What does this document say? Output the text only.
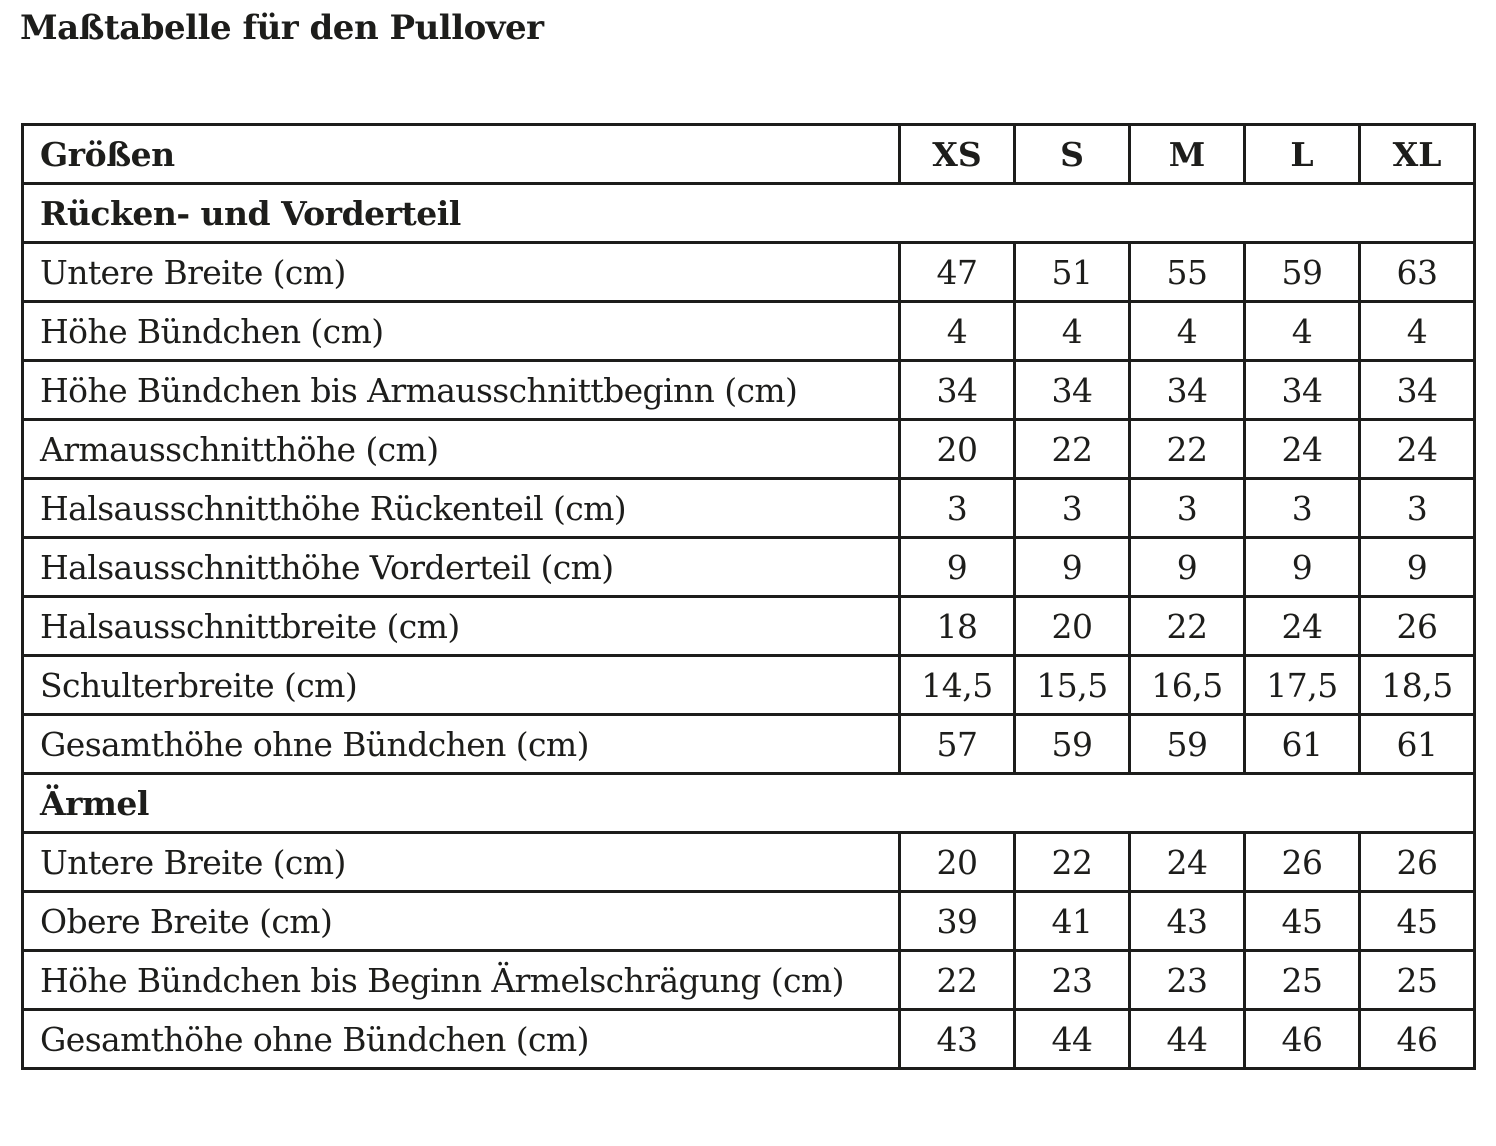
Maßtabelle für den Pullover
Größen	XS	S	M	L	XL
Rücken- und Vorderteil					
Untere Breite (cm)	47	51	55	59	63
Höhe Bündchen (cm)	4	4	4	4	4
Höhe Bündchen bis Armausschnittbeginn (cm)	34	34	34	34	34
Armausschnitthöhe (cm)	20	22	22	24	24
Halsausschnitthöhe Rückenteil (cm)	3	3	3	3	3
Halsausschnitthöhe Vorderteil (cm)	9	9	9	9	9
Halsausschnittbreite (cm)	18	20	22	24	26
Schulterbreite (cm)	14,5	15,5	16,5	17,5	18,5
Gesamthöhe ohne Bündchen (cm)	57	59	59	61	61
Ärmel					
Untere Breite (cm)	20	22	24	26	26
Obere Breite (cm)	39	41	43	45	45
Höhe Bündchen bis Beginn Ärmelschrägung (cm)	22	23	23	25	25
Gesamthöhe ohne Bündchen (cm)	43	44	44	46	46
